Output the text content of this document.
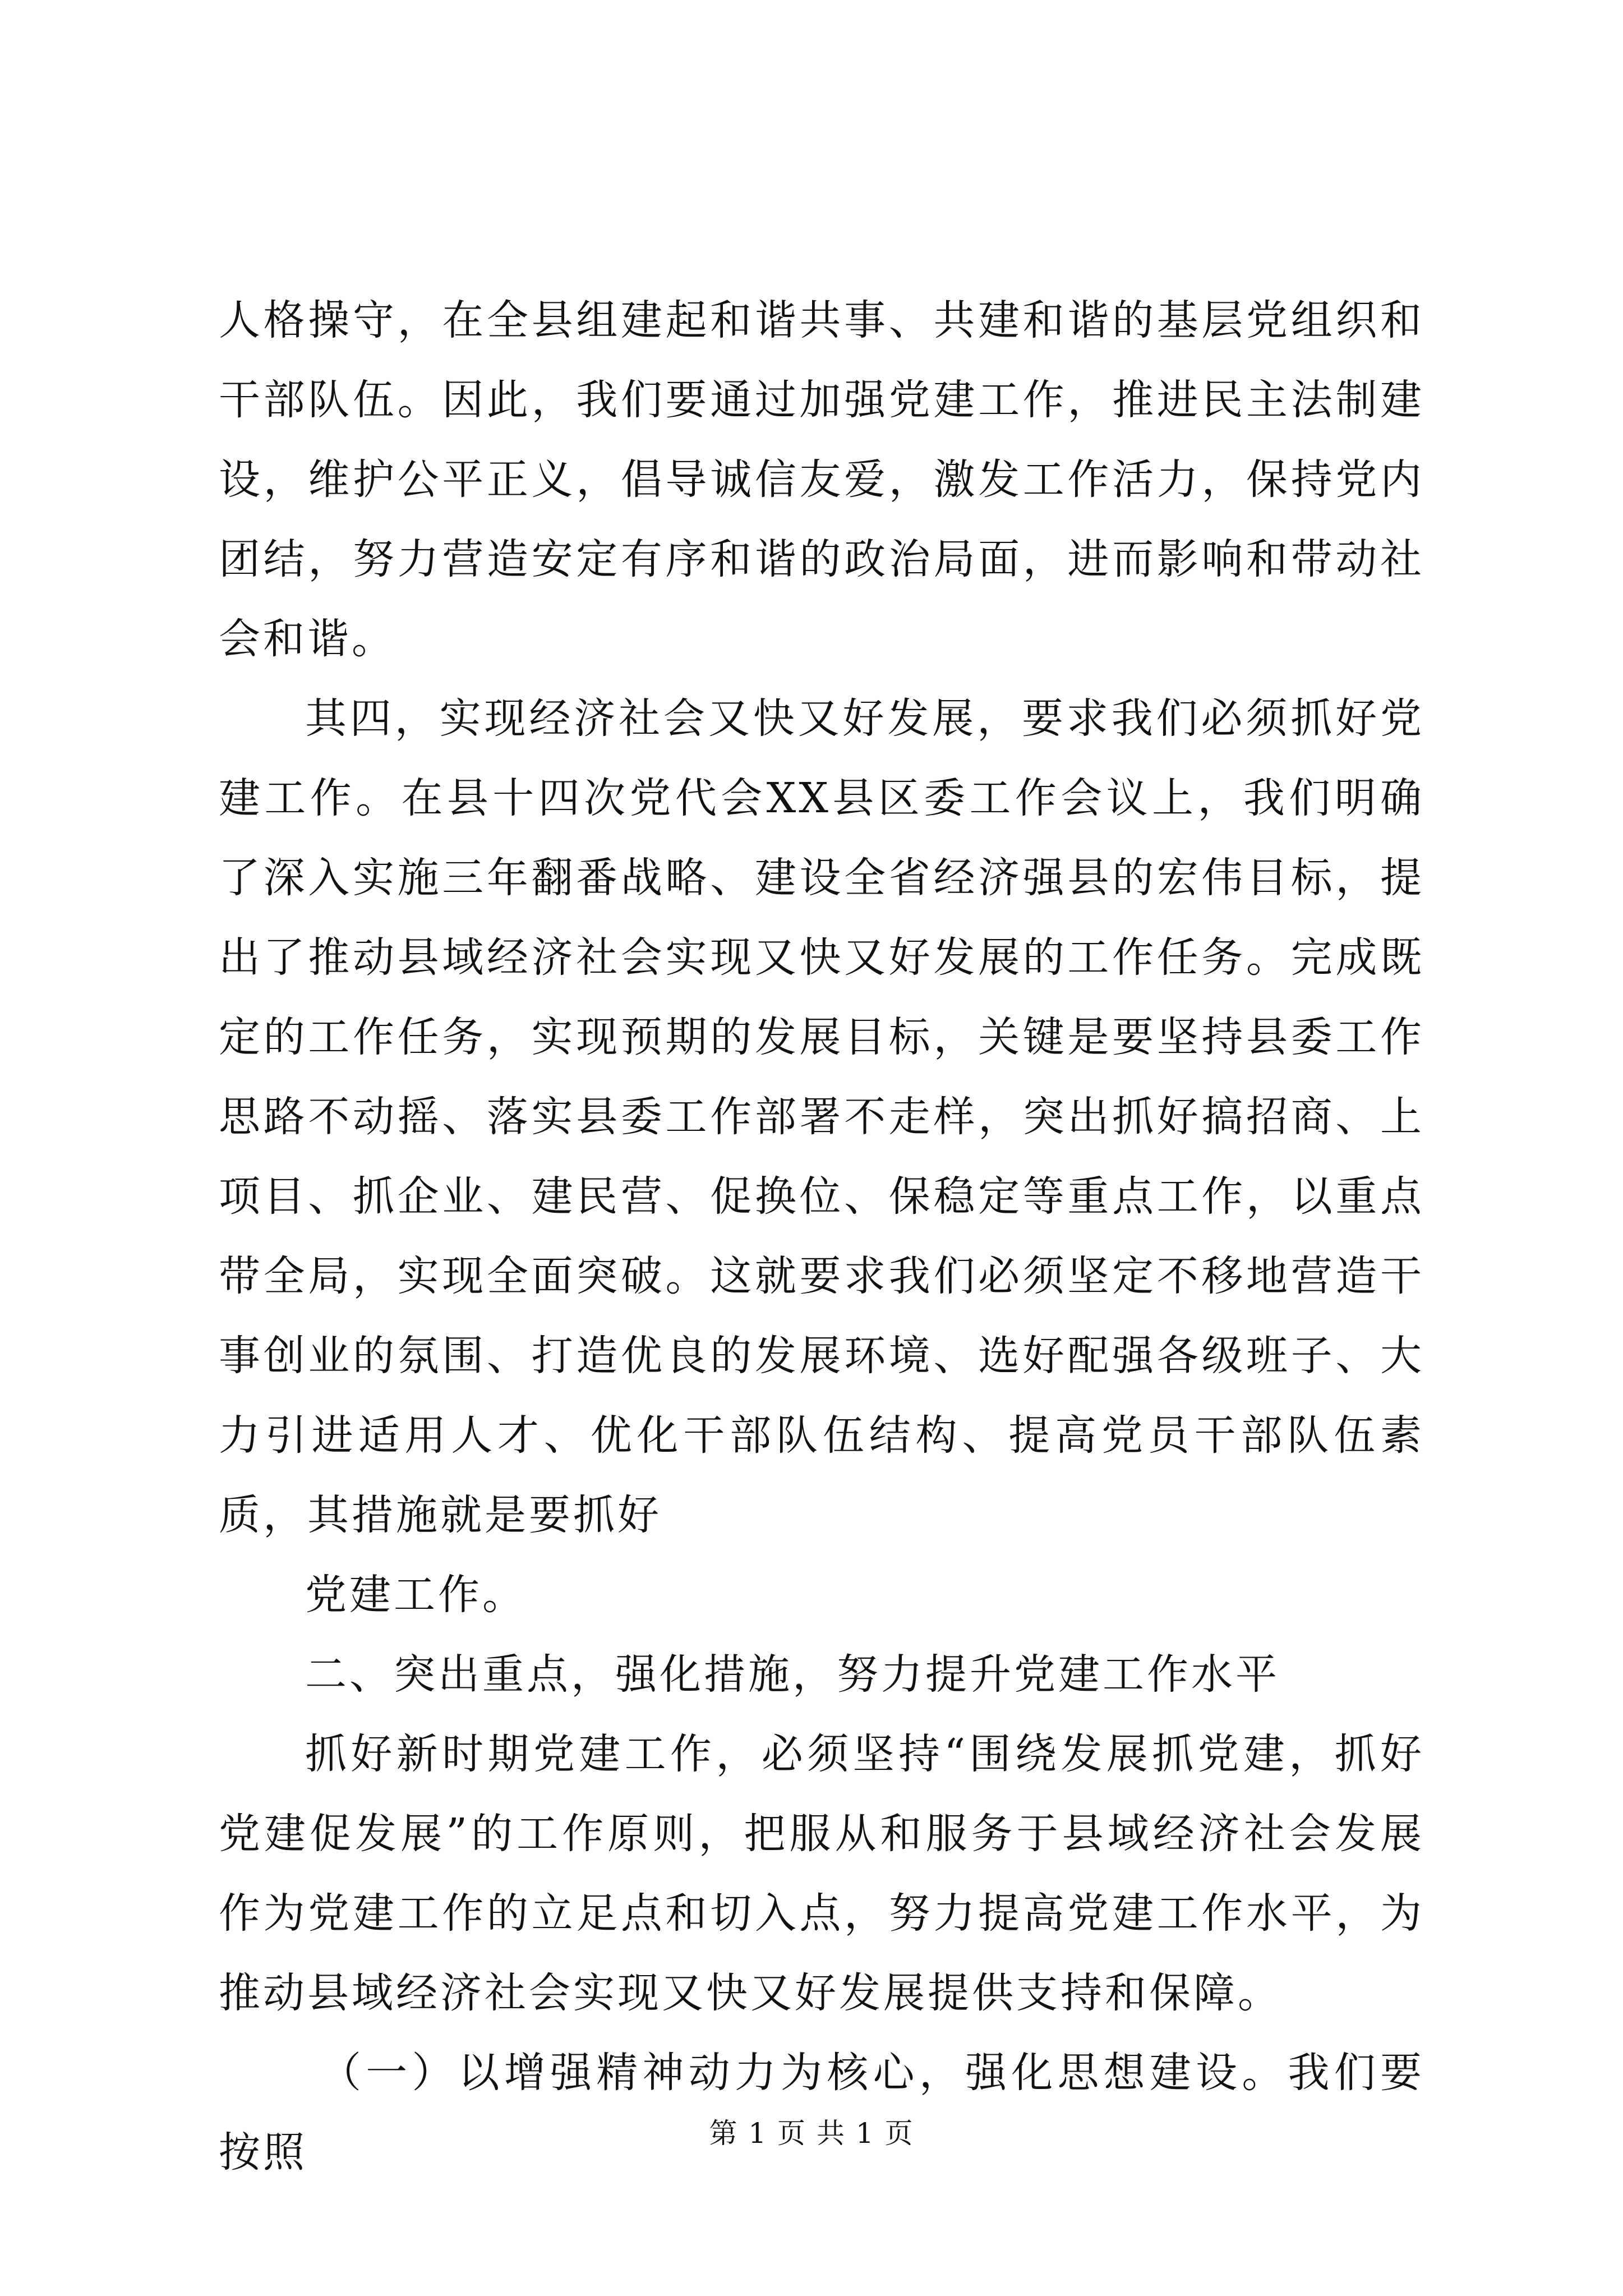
人格操守，在全县组建起和谐共事、共建和谐的基层党组织和干部队伍。因此，我们要通过加强党建工作，推进民主法制建设，维护公平正义，倡导诚信友爱，激发工作活力，保持党内团结，努力营造安定有序和谐的政治局面，进而影响和带动社会和谐。

其四，实现经济社会又快又好发展，要求我们必须抓好党建工作。在县十四次党代会XX县区委工作会议上，我们明确了深入实施三年翻番战略、建设全省经济强县的宏伟目标，提出了推动县域经济社会实现又快又好发展的工作任务。完成既定的工作任务，实现预期的发展目标，关键是要坚持县委工作思路不动摇、落实县委工作部署不走样，突出抓好搞招商、上项目、抓企业、建民营、促换位、保稳定等重点工作，以重点带全局，实现全面突破。这就要求我们必须坚定不移地营造干事创业的氛围、打造优良的发展环境、选好配强各级班子、大力引进适用人才、优化干部队伍结构、提高党员干部队伍素质，其措施就是要抓好

党建工作。

二、突出重点，强化措施，努力提升党建工作水平

抓好新时期党建工作，必须坚持“围绕发展抓党建，抓好党建促发展”的工作原则，把服从和服务于县域经济社会发展作为党建工作的立足点和切入点，努力提高党建工作水平，为推动县域经济社会实现又快又好发展提供支持和保障。

（一）以增强精神动力为核心，强化思想建设。我们要按照	第 1 页 共 1 页
